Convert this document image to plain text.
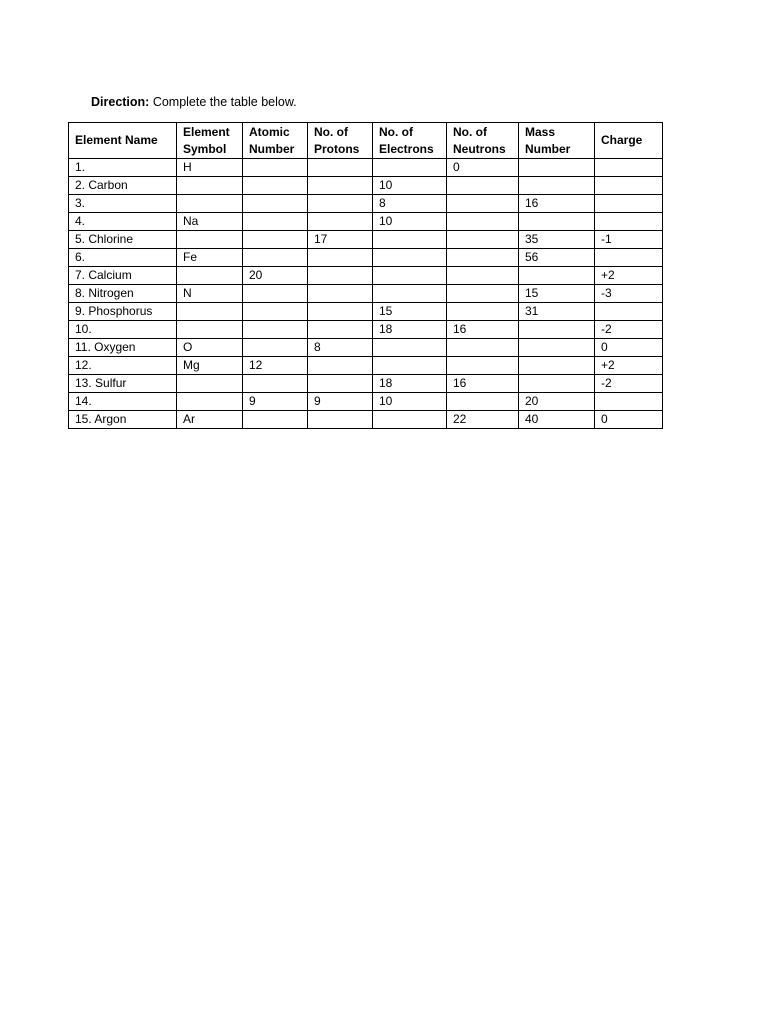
Direction: Complete the table below.
Element Name	Element Symbol	Atomic Number	No. of Protons	No. of Electrons	No. of Neutrons	Mass Number	Charge
1.	H				0		
2. Carbon				10			
3.				8		16	
4.	Na			10			
5. Chlorine			17			35	-1
6.	Fe					56	
7. Calcium		20					+2
8. Nitrogen	N					15	-3
9. Phosphorus				15		31	
10.				18	16		-2
11. Oxygen	O		8				0
12.	Mg	12					+2
13. Sulfur				18	16		-2
14.		9	9	10		20	
15. Argon	Ar				22	40	0
